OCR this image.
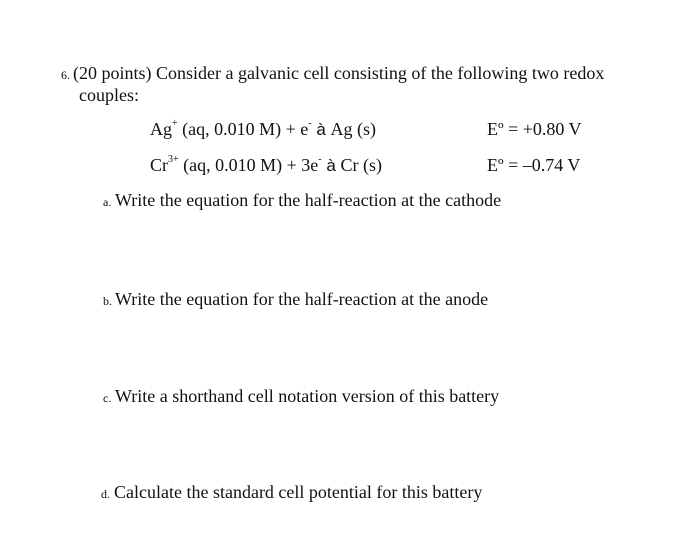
6. (20 points) Consider a galvanic cell consisting of the following two redox
couples:
Ag+ (aq, 0.010 M) + e- à Ag (s)	Eº = +0.80 V
$Cr^{3+}$ (aq, 0.010 M) + 3e- à Cr (s)	Eº = –0.74 V
a. Write the equation for the half-reaction at the cathode
b. Write the equation for the half-reaction at the anode
c. Write a shorthand cell notation version of this battery
d. Calculate the standard cell potential for this battery
